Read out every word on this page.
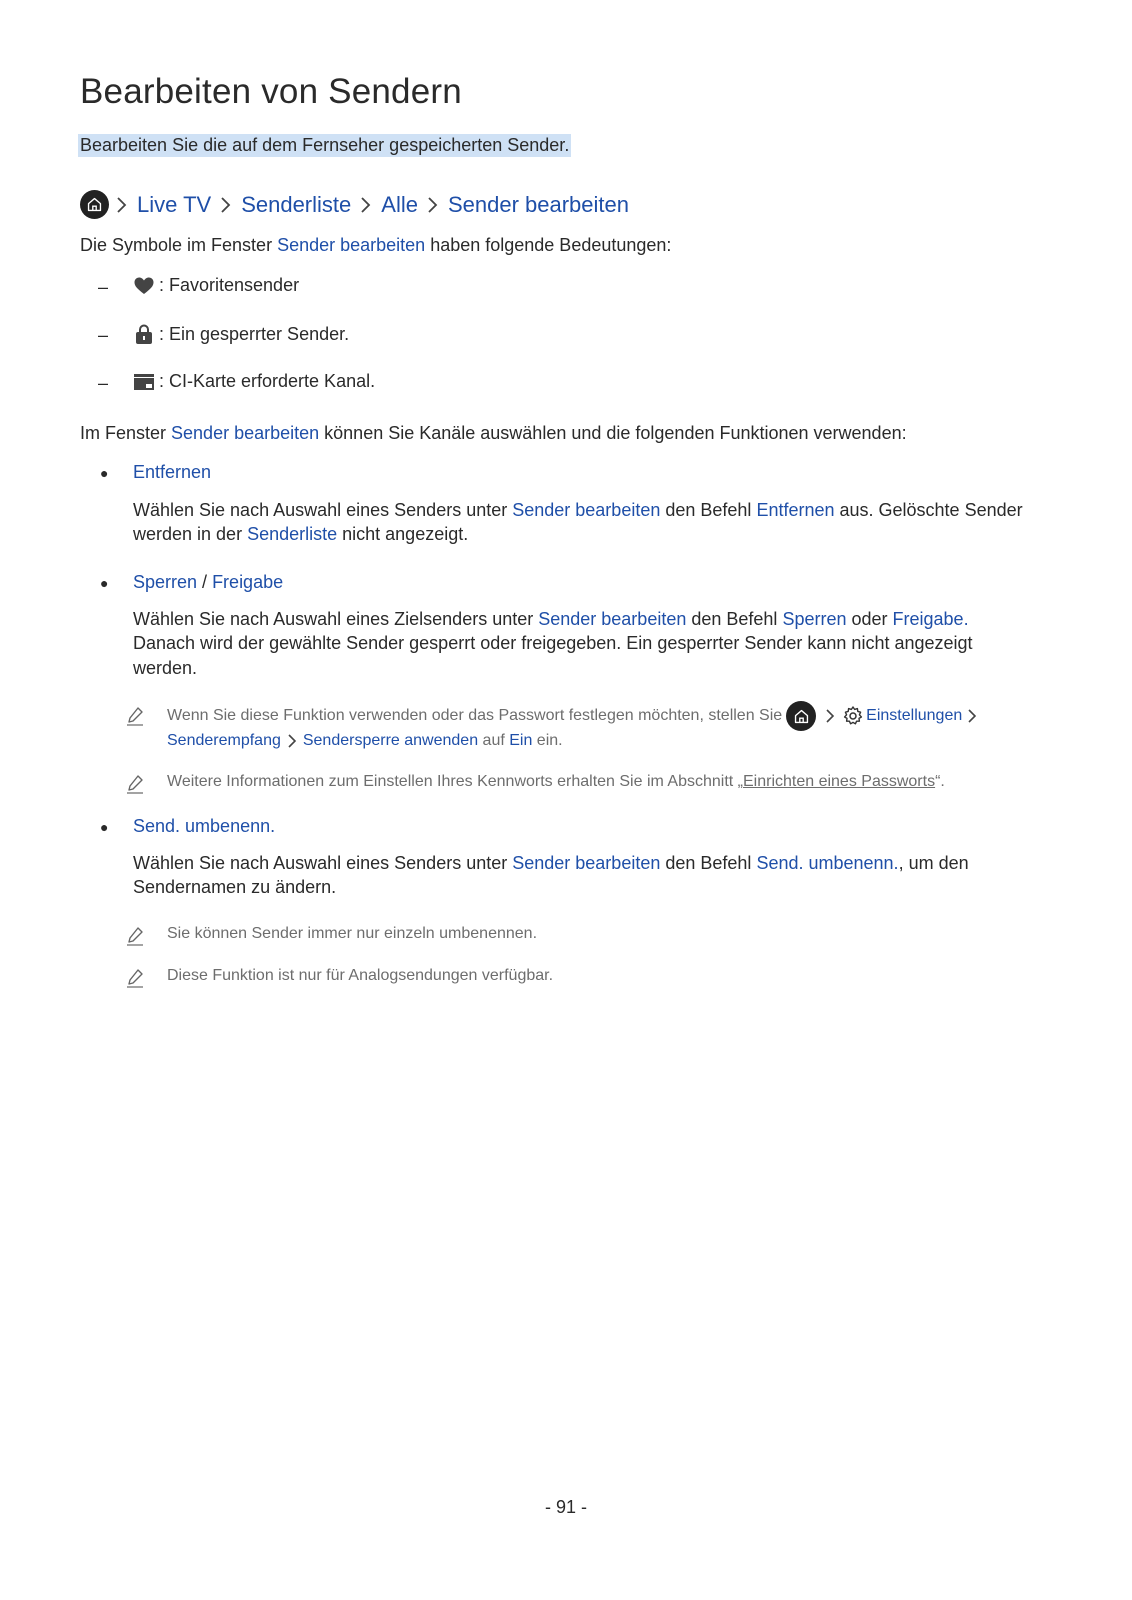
Bearbeiten von Sendern
Bearbeiten Sie die auf dem Fernseher gespeicherten Sender.
Live TV Senderliste Alle Sender bearbeiten
Die Symbole im Fenster Sender bearbeiten haben folgende Bedeutungen:
–	: Favoritensender
–	: Ein gesperrter Sender.
–	: CI-Karte erforderte Kanal.
Im Fenster Sender bearbeiten können Sie Kanäle auswählen und die folgenden Funktionen verwenden:
● Entfernen
Wählen Sie nach Auswahl eines Senders unter Sender bearbeiten den Befehl Entfernen aus. Gelöschte Sender
werden in der Senderliste nicht angezeigt.
● Sperren / Freigabe
Wählen Sie nach Auswahl eines Zielsenders unter Sender bearbeiten den Befehl Sperren oder Freigabe.
Danach wird der gewählte Sender gesperrt oder freigegeben. Ein gesperrter Sender kann nicht angezeigt
werden.
Wenn Sie diese Funktion verwenden oder das Passwort festlegen möchten, stellen Sie	Einstellungen
Senderempfang Sendersperre anwenden auf Ein ein.
Weitere Informationen zum Einstellen Ihres Kennworts erhalten Sie im Abschnitt „ Einrichten eines Passworts “.
● Send. umbenenn.
Wählen Sie nach Auswahl eines Senders unter Sender bearbeiten den Befehl Send. umbenenn., um den
Sendernamen zu ändern.
Sie können Sender immer nur einzeln umbenennen.
Diese Funktion ist nur für Analogsendungen verfügbar.
- 91 -
